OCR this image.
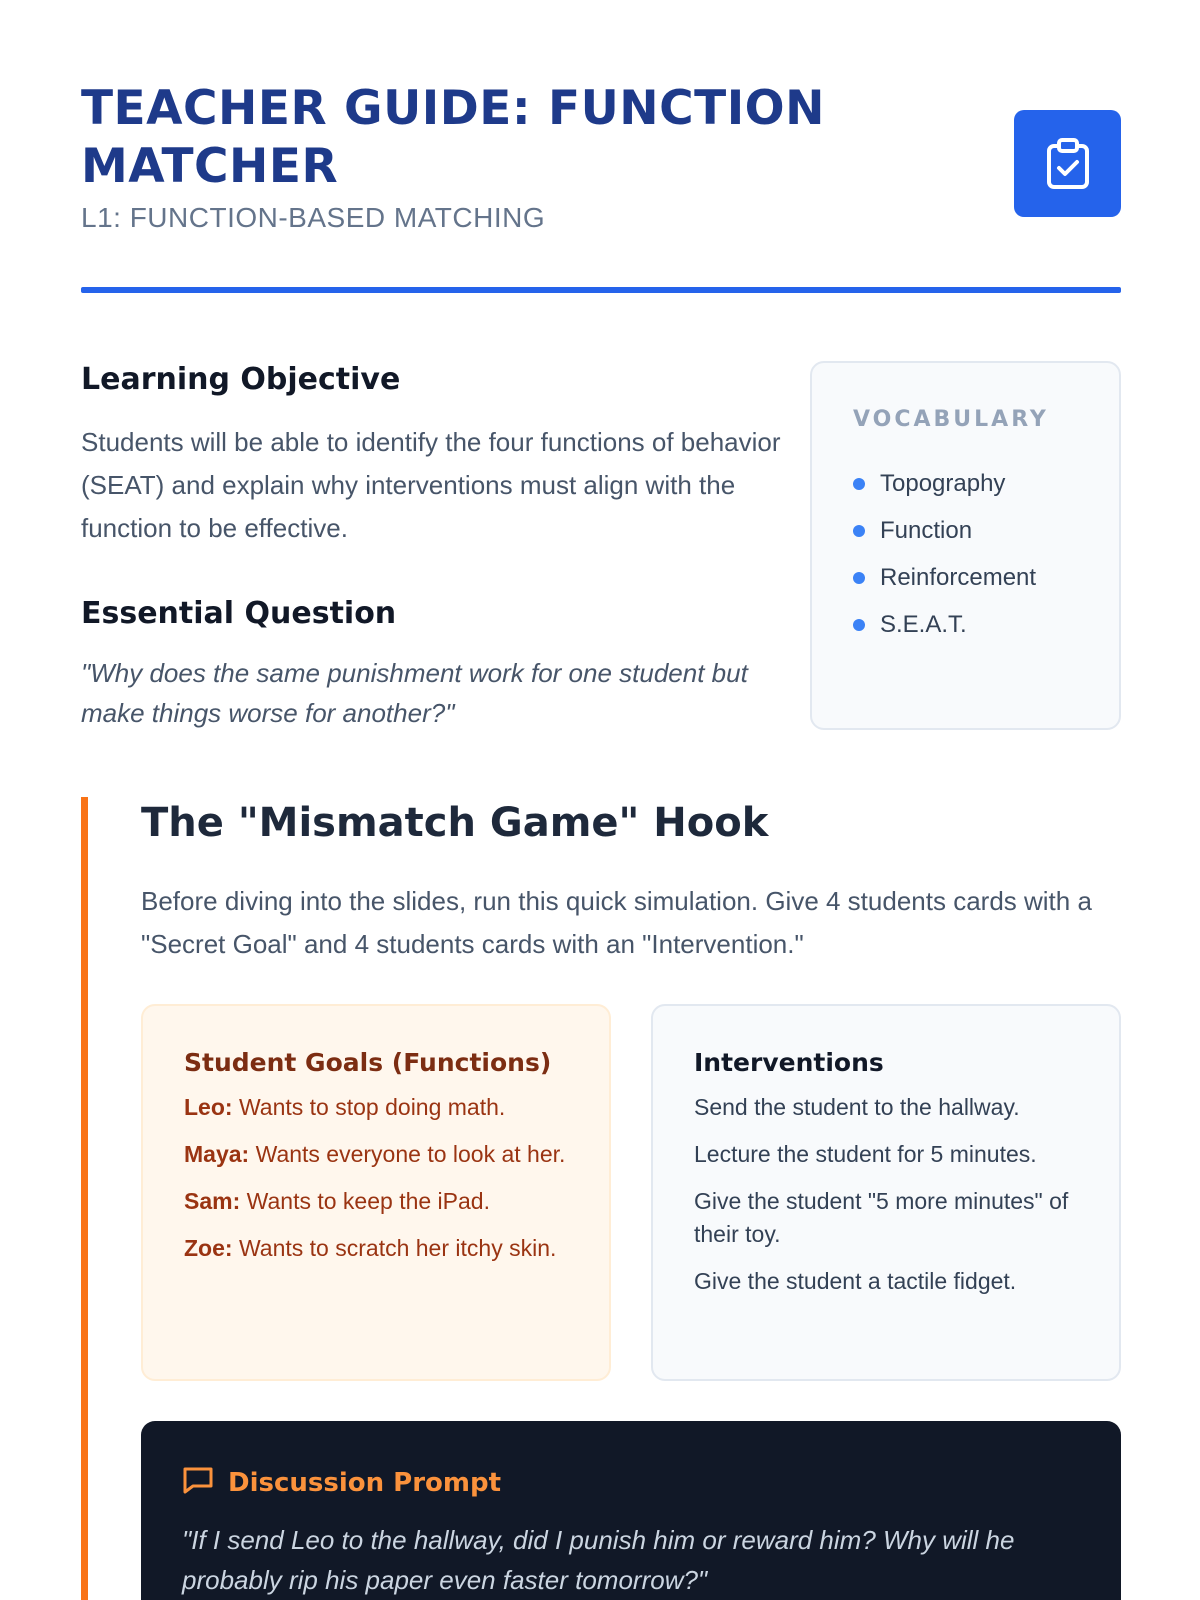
TEACHER GUIDE: FUNCTION MATCHER
L1: FUNCTION-BASED MATCHING
Learning Objective

Students will be able to identify the four functions of behavior (SEAT) and explain why interventions must align with the function to be effective.

Essential Question

"Why does the same punishment work for one student but make things worse for another?"

VOCABULARY
Topography
Function
Reinforcement
S.E.A.T.
The "Mismatch Game" Hook

Before diving into the slides, run this quick simulation. Give 4 students cards with a "Secret Goal" and 4 students cards with an "Intervention."

Student Goals (Functions)
Leo: Wants to stop doing math.
Maya: Wants everyone to look at her.
Sam: Wants to keep the iPad.
Zoe: Wants to scratch her itchy skin.
Interventions
Send the student to the hallway.
Lecture the student for 5 minutes.
Give the student "5 more minutes" of their toy.
Give the student a tactile fidget.
Discussion Prompt

"If I send Leo to the hallway, did I punish him or reward him? Why will he probably rip his paper even faster tomorrow?"
